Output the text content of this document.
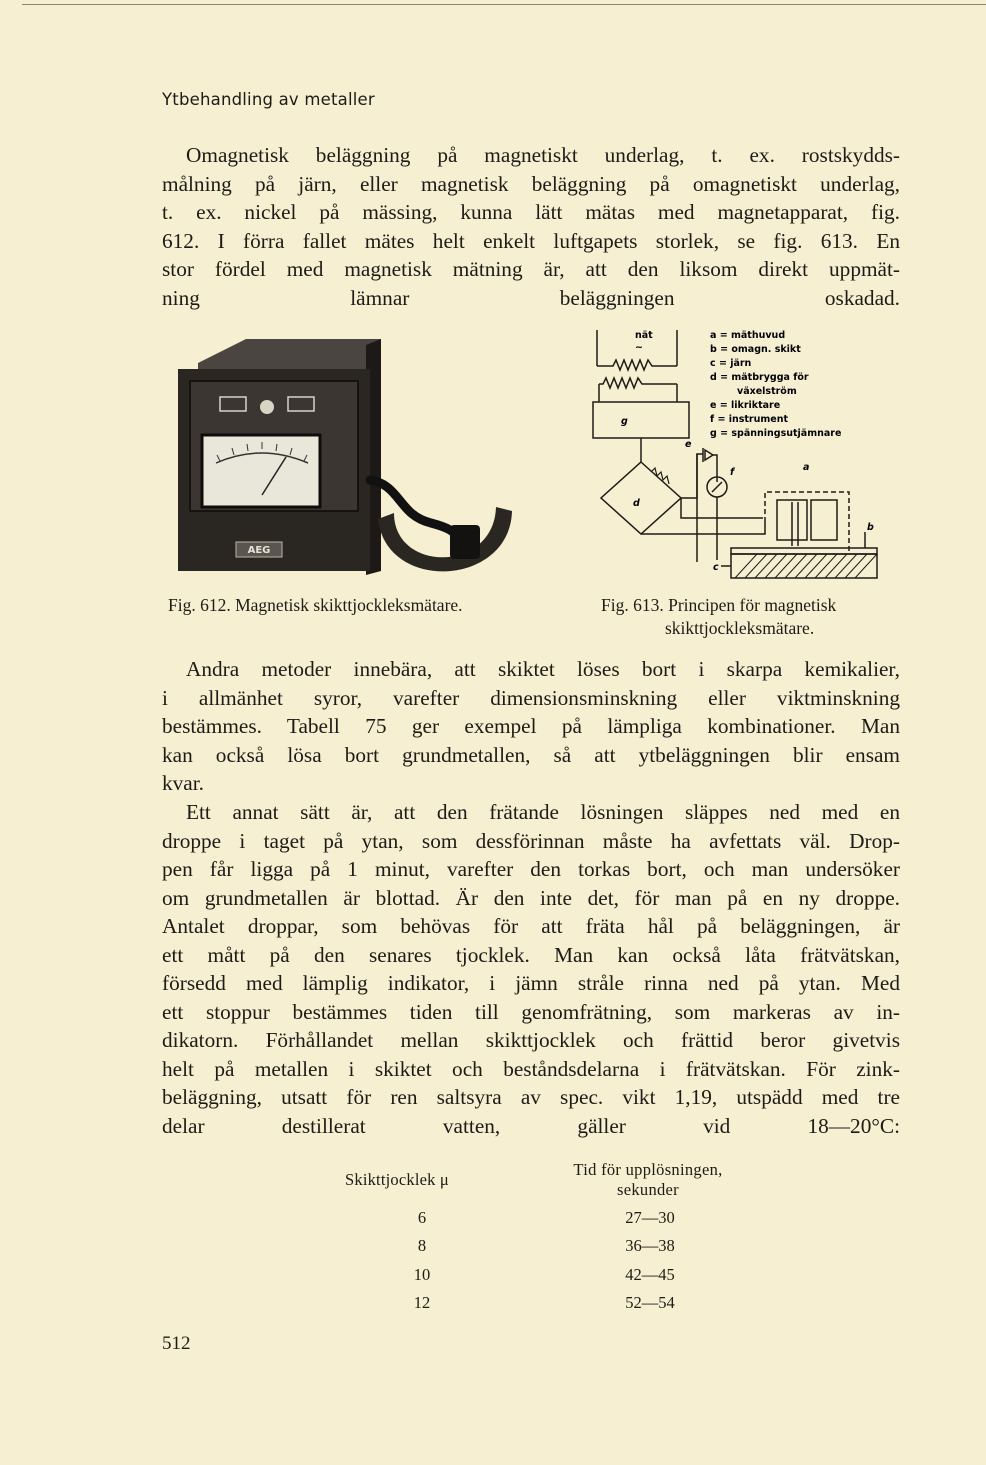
Ytbehandling av metaller
Omagnetisk beläggning på magnetiskt underlag, t. ex. rostskydds-
målning på järn, eller magnetisk beläggning på omagnetiskt underlag,
t. ex. nickel på mässing, kunna lätt mätas med magnetapparat, fig.
612. I förra fallet mätes helt enkelt luftgapets storlek, se fig. 613. En
stor fördel med magnetisk mätning är, att den liksom direkt uppmät-
ning lämnar beläggningen oskadad.
AEG
Fig. 612. Magnetisk skikttjockleksmätare.
nät
~
g
d
e
f	a
b
c
a = mäthuvud
b = omagn. skikt
c = järn
d = mätbrygga för
växelström
e = likriktare
f = instrument
g = spänningsutjämnare
Fig. 613. Principen för magnetisk
skikttjockleksmätare.
Andra metoder innebära, att skiktet löses bort i skarpa kemikalier,
i allmänhet syror, varefter dimensionsminskning eller viktminskning
bestämmes. Tabell 75 ger exempel på lämpliga kombinationer. Man
kan också lösa bort grundmetallen, så att ytbeläggningen blir ensam
kvar.
Ett annat sätt är, att den frätande lösningen släppes ned med en
droppe i taget på ytan, som dessförinnan måste ha avfettats väl. Drop-
pen får ligga på 1 minut, varefter den torkas bort, och man undersöker
om grundmetallen är blottad. Är den inte det, för man på en ny droppe.
Antalet droppar, som behövas för att fräta hål på beläggningen, är
ett mått på den senares tjocklek. Man kan också låta frätvätskan,
försedd med lämplig indikator, i jämn stråle rinna ned på ytan. Med
ett stoppur bestämmes tiden till genomfrätning, som markeras av in-
dikatorn. Förhållandet mellan skikttjocklek och frättid beror givetvis
helt på metallen i skiktet och beståndsdelarna i frätvätskan. För zink-
beläggning, utsatt för ren saltsyra av spec. vikt 1,19, utspädd med tre
delar destillerat vatten, gäller vid 18—20°C:
Skikttjocklek μ
Tid för upplösningen,
sekunder
6	27—30
8	36—38
10	42—45
12	52—54
512
